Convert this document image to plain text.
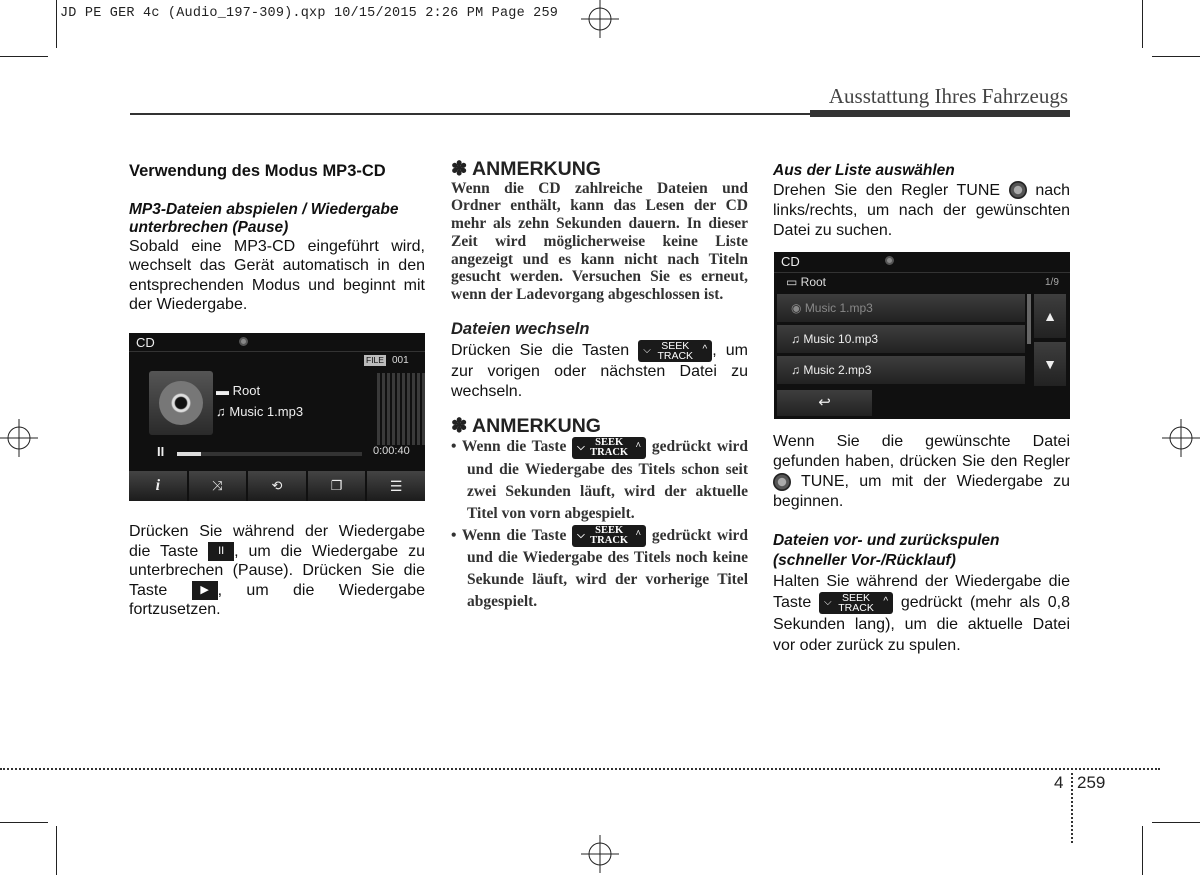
JD PE GER 4c (Audio_197-309).qxp 10/15/2015 2:26 PM Page 259
Ausstattung Ihres Fahrzeugs
Verwendung des Modus MP3-CD
MP3-Dateien abspielen / Wiedergabe unterbrechen (Pause)
Sobald eine MP3-CD eingeführt wird, wechselt das Gerät automatisch in den entsprechenden Modus und beginnt mit der Wiedergabe.
CD
FILE 001
▬ Root
♫ Music 1.mp3
II	0:00:40
i	⤨	⟲	❐	☰
Drücken Sie während der Wiedergabe die Taste II , um die Wiedergabe zu unterbrechen (Pause). Drücken Sie die Taste	▶ , um die Wiedergabe fortzusetzen.
✽ ANMERKUNG
Wenn die CD zahlreiche Dateien und Ordner enthält, kann das Lesen der CD mehr als zehn Sekunden dauern. In dieser Zeit wird möglicherweise keine Liste angezeigt und es kann nicht nach Titeln gesucht werden. Versuchen Sie es erneut, wenn der Ladevorgang abgeschlossen ist.
Dateien wechseln
Drücken Sie die Tasten ⌵ SEEK
TRACK
^ , um zur vorigen oder nächsten Datei zu wechseln.
✽ ANMERKUNG
• Wenn die Taste ⌵ SEEK
TRACK
^ gedrückt wird und die Wiedergabe des Titels schon seit zwei Sekunden läuft, wird der aktuelle Titel von vorn abgespielt.
• Wenn die Taste ⌵ SEEK
TRACK
^ gedrückt wird und die Wiedergabe des Titels noch keine Sekunde läuft, wird der vorherige Titel abgespielt.
Aus der Liste auswählen
Drehen Sie den Regler TUNE nach links/rechts, um nach der gewünschten Datei zu suchen.
CD
▭ Root	1/9
◉ Music 1.mp3
♫ Music 10.mp3
♫ Music 2.mp3
▲
▼
↩
Wenn Sie die gewünschte Datei gefunden haben, drücken Sie den Regler  TUNE, um mit der Wiedergabe zu beginnen.
Dateien vor- und zurückspulen (schneller Vor-/Rücklauf)
Halten Sie während der Wiedergabe die Taste ⌵ SEEK
TRACK
^ gedrückt (mehr als 0,8 Sekunden lang), um die aktuelle Datei vor oder zurück zu spulen.
4 259
